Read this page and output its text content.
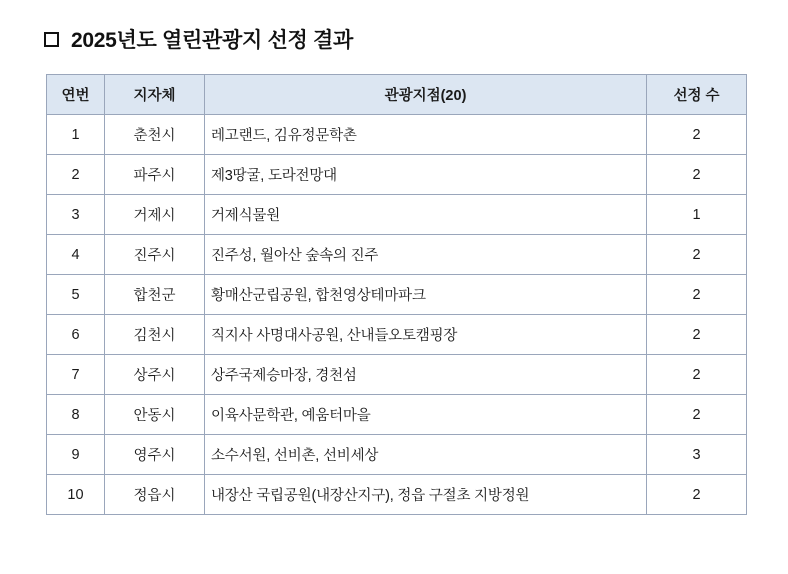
2025년도 열린관광지 선정 결과
연번	지자체	관광지점(20)	선정 수
1	춘천시	레고랜드, 김유정문학촌	2
2	파주시	제3땅굴, 도라전망대	2
3	거제시	거제식물원	1
4	진주시	진주성, 월아산 숲속의 진주	2
5	합천군	황매산군립공원, 합천영상테마파크	2
6	김천시	직지사 사명대사공원, 산내들오토캠핑장	2
7	상주시	상주국제승마장, 경천섬	2
8	안동시	이육사문학관, 예움터마을	2
9	영주시	소수서원, 선비촌, 선비세상	3
10	정읍시	내장산 국립공원(내장산지구), 정읍 구절초 지방정원	2
